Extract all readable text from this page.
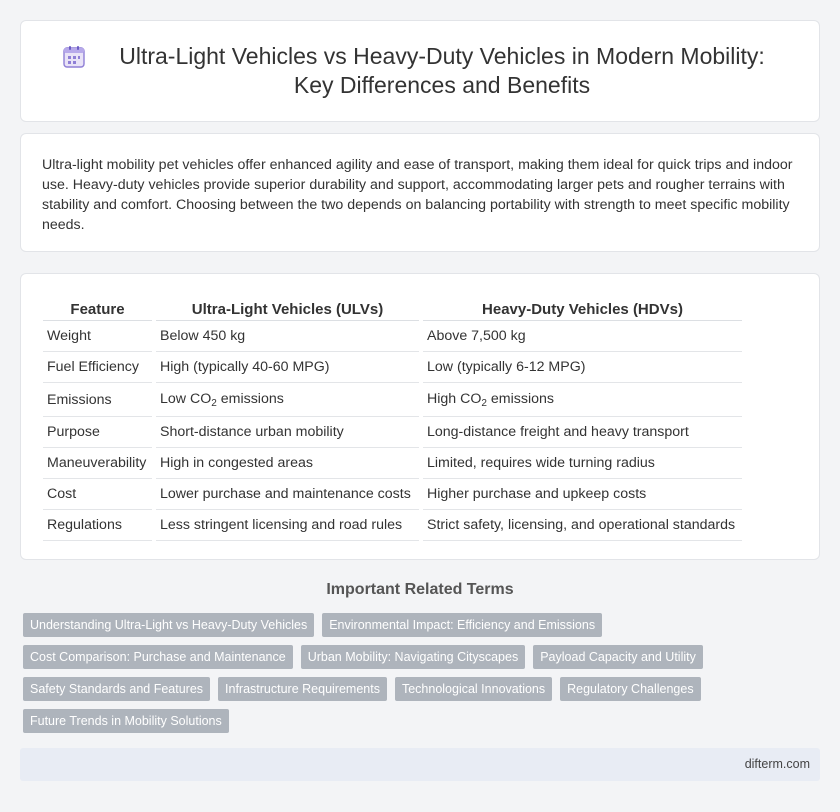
Ultra-Light Vehicles vs Heavy-Duty Vehicles in Modern Mobility: Key Differences and Benefits

Ultra-light mobility pet vehicles offer enhanced agility and ease of transport, making them ideal for quick trips and indoor use. Heavy-duty vehicles provide superior durability and support, accommodating larger pets and rougher terrains with stability and comfort. Choosing between the two depends on balancing portability with strength to meet specific mobility needs.

Feature	Ultra-Light Vehicles (ULVs)	Heavy-Duty Vehicles (HDVs)
Weight	Below 450 kg	Above 7,500 kg
Fuel Efficiency	High (typically 40-60 MPG)	Low (typically 6-12 MPG)
Emissions	Low $CO_2$ emissions	High $CO_2$ emissions
Purpose	Short-distance urban mobility	Long-distance freight and heavy transport
Maneuverability	High in congested areas	Limited, requires wide turning radius
Cost	Lower purchase and maintenance costs	Higher purchase and upkeep costs
Regulations	Less stringent licensing and road rules	Strict safety, licensing, and operational standards
Important Related Terms
Understanding Ultra-Light vs Heavy-Duty Vehicles	Environmental Impact: Efficiency and Emissions
Cost Comparison: Purchase and Maintenance	Urban Mobility: Navigating Cityscapes	Payload Capacity and Utility
Safety Standards and Features	Infrastructure Requirements	Technological Innovations	Regulatory Challenges
Future Trends in Mobility Solutions
difterm.com
